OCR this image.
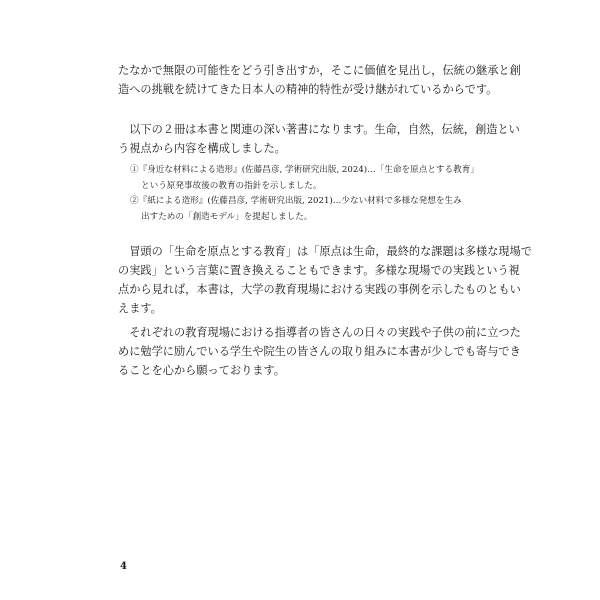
たなかで無限の可能性をどう引き出すか，そこに価値を見出し，伝統の継承と創
造への挑戦を続けてきた日本人の精神的特性が受け継がれているからです。
　以下の２冊は本書と関連の深い著書になります。生命，自然，伝統，創造とい
う視点から内容を構成しました。
①『身近な材料による造形』(佐藤昌彦, 学術研究出版, 2024)…「生命を原点とする教育」
という原発事故後の教育の指針を示しました。
②『紙による造形』(佐藤昌彦, 学術研究出版, 2021)…少ない材料で多様な発想を生み
出すための「創造モデル」を提起しました。
　冒頭の「生命を原点とする教育」は「原点は生命，最終的な課題は多様な現場で
の実践」という言葉に置き換えることもできます。多様な現場での実践という視
点から見れば，本書は，大学の教育現場における実践の事例を示したものともい
えます。
　それぞれの教育現場における指導者の皆さんの日々の実践や子供の前に立つた
めに勉学に励んでいる学生や院生の皆さんの取り組みに本書が少しでも寄与でき
ることを心から願っております。
4
